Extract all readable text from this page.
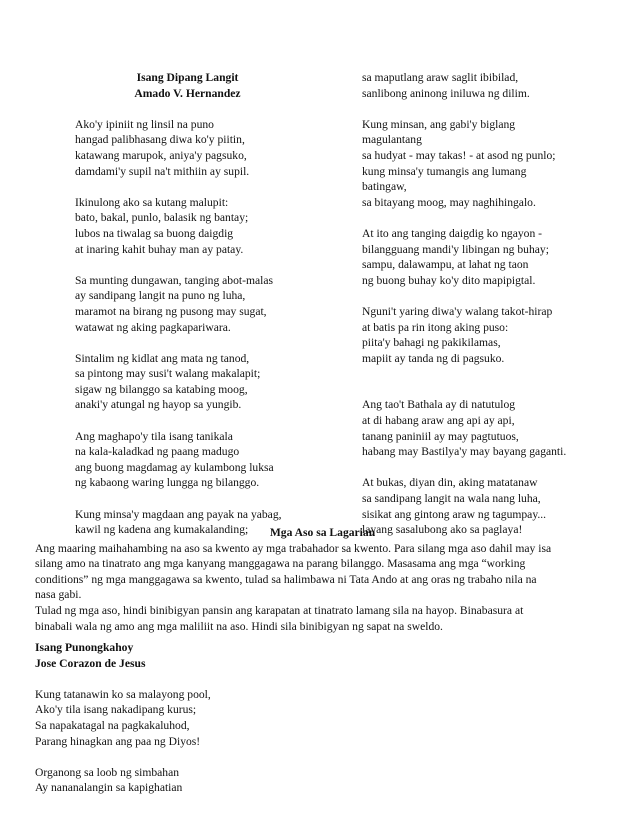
Isang Dipang Langit
Amado V. Hernandez
Ako'y ipiniit ng linsil na puno
hangad palibhasang diwa ko'y piitin,
katawang marupok, aniya'y pagsuko,
damdami'y supil na't mithiin ay supil.
Ikinulong ako sa kutang malupit:
bato, bakal, punlo, balasik ng bantay;
lubos na tiwalag sa buong daigdig
at inaring kahit buhay man ay patay.
Sa munting dungawan, tanging abot-malas
ay sandipang langit na puno ng luha,
maramot na birang ng pusong may sugat,
watawat ng aking pagkapariwara.
Sintalim ng kidlat ang mata ng tanod,
sa pintong may susi't walang makalapit;
sigaw ng bilanggo sa katabing moog,
anaki'y atungal ng hayop sa yungib.
Ang maghapo'y tila isang tanikala
na kala-kaladkad ng paang madugo
ang buong magdamag ay kulambong luksa
ng kabaong waring lungga ng bilanggo.
Kung minsa'y magdaan ang payak na yabag,
kawil ng kadena ang kumakalanding;
sa maputlang araw saglit ibibilad,
sanlibong aninong iniluwa ng dilim.
Kung minsan, ang gabi'y biglang
magulantang
sa hudyat - may takas! - at asod ng punlo;
kung minsa'y tumangis ang lumang
batingaw,
sa bitayang moog, may naghihingalo.
At ito ang tanging daigdig ko ngayon -
bilangguang mandi'y libingan ng buhay;
sampu, dalawampu, at lahat ng taon
ng buong buhay ko'y dito mapipigtal.
Nguni't yaring diwa'y walang takot-hirap
at batis pa rin itong aking puso:
piita'y bahagi ng pakikilamas,
mapiit ay tanda ng di pagsuko.
Ang tao't Bathala ay di natutulog
at di habang araw ang api ay api,
tanang paniniil ay may pagtutuos,
habang may Bastilya'y may bayang gaganti.
At bukas, diyan din, aking matatanaw
sa sandipang langit na wala nang luha,
sisikat ang gintong araw ng tagumpay...
layang sasalubong ako sa paglaya!
Mga Aso sa Lagarian
Ang maaring maihahambing na aso sa kwento ay mga trabahador sa kwento. Para silang mga aso dahil may isa
silang amo na tinatrato ang mga kanyang manggagawa na parang bilanggo. Masasama ang mga “working
conditions” ng mga manggagawa sa kwento, tulad sa halimbawa ni Tata Ando at ang oras ng trabaho nila na
nasa gabi.
Tulad ng mga aso, hindi binibigyan pansin ang karapatan at tinatrato lamang sila na hayop. Binabasura at
binabali wala ng amo ang mga maliliit na aso. Hindi sila binibigyan ng sapat na sweldo.
Isang Punongkahoy
Jose Corazon de Jesus
Kung tatanawin ko sa malayong pool,
Ako'y tila isang nakadipang kurus;
Sa napakatagal na pagkakaluhod,
Parang hinagkan ang paa ng Diyos!
Organong sa loob ng simbahan
Ay nananalangin sa kapighatian
